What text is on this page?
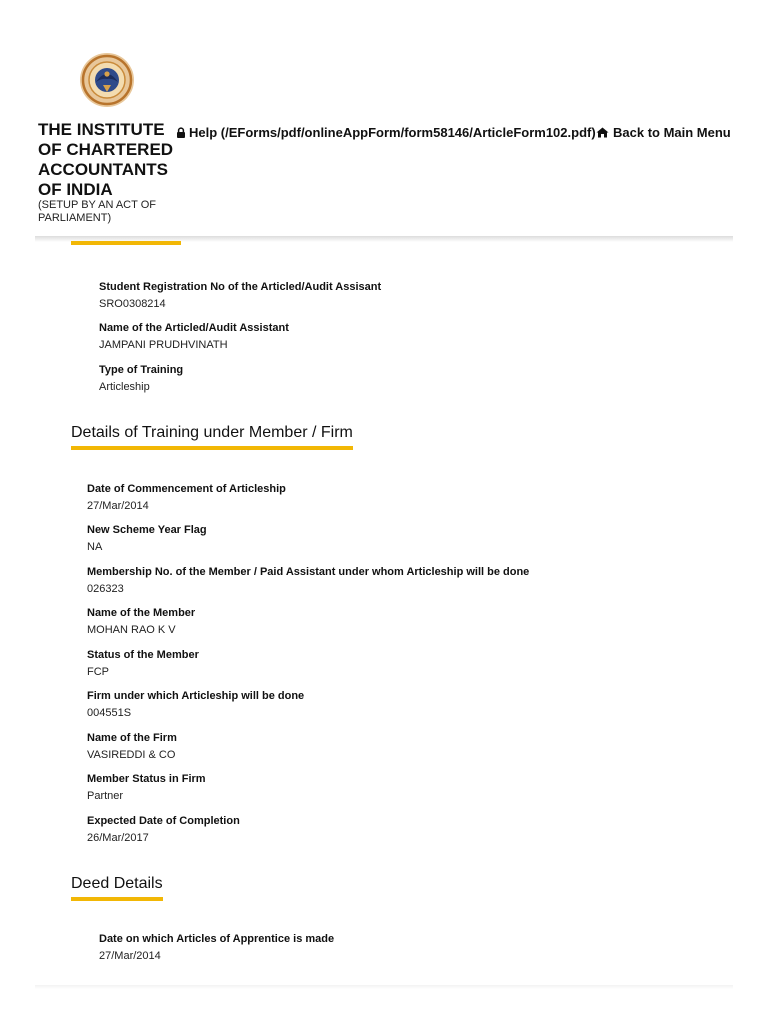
THE INSTITUTE OF CHARTERED ACCOUNTANTS OF INDIA
(SETUP BY AN ACT OF PARLIAMENT)
Help (/EForms/pdf/onlineAppForm/form58146/ArticleForm102.pdf) Back to Main Menu
Student Registration No of the Articled/Audit Assisant
SRO0308214
Name of the Articled/Audit Assistant
JAMPANI PRUDHVINATH
Type of Training
Articleship
Details of Training under Member / Firm
Date of Commencement of Articleship
27/Mar/2014
New Scheme Year Flag
NA
Membership No. of the Member / Paid Assistant under whom Articleship will be done
026323
Name of the Member
MOHAN RAO K V
Status of the Member
FCP
Firm under which Articleship will be done
004551S
Name of the Firm
VASIREDDI & CO
Member Status in Firm
Partner
Expected Date of Completion
26/Mar/2017
Deed Details
Date on which Articles of Apprentice is made
27/Mar/2014
